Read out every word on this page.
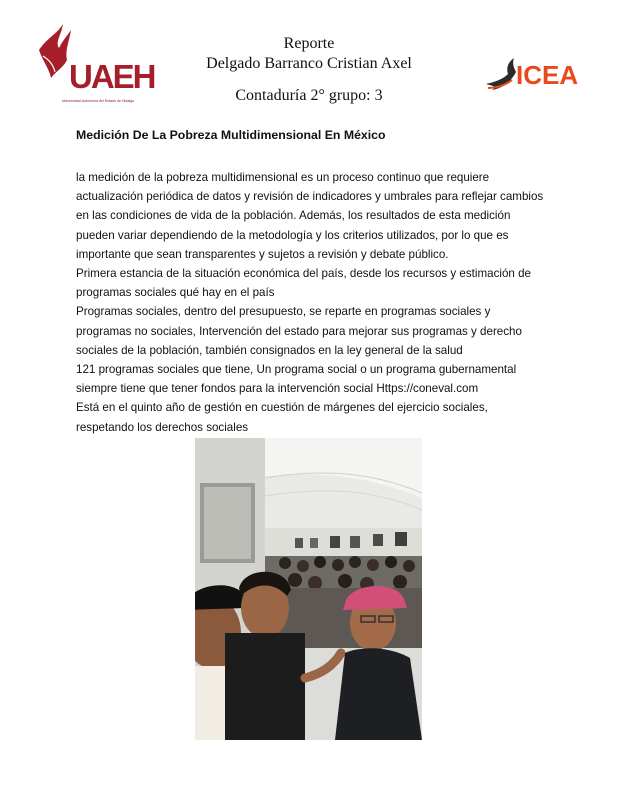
UAEH
Universidad Autónoma del Estado de Hidalgo
Reporte
Delgado Barranco Cristian Axel
Contaduría 2° grupo: 3
ICEA
Medición De La Pobreza Multidimensional En México

la medición de la pobreza multidimensional es un proceso continuo que requiere actualización periódica de datos y revisión de indicadores y umbrales para reflejar cambios en las condiciones de vida de la población. Además, los resultados de esta medición pueden variar dependiendo de la metodología y los criterios utilizados, por lo que es importante que sean transparentes y sujetos a revisión y debate público.

Primera estancia de la situación económica del país, desde los recursos y estimación de programas sociales qué hay en el país

Programas sociales, dentro del presupuesto, se reparte en programas sociales y programas no sociales, Intervención del estado para mejorar sus programas y derecho sociales de la población, también consignados en la ley general de la salud

121 programas sociales que tiene, Un programa social o un programa gubernamental siempre tiene que tener fondos para la intervención social Https://coneval.com

Está en el quinto año de gestión en cuestión de márgenes del ejercicio sociales, respetando los derechos sociales
